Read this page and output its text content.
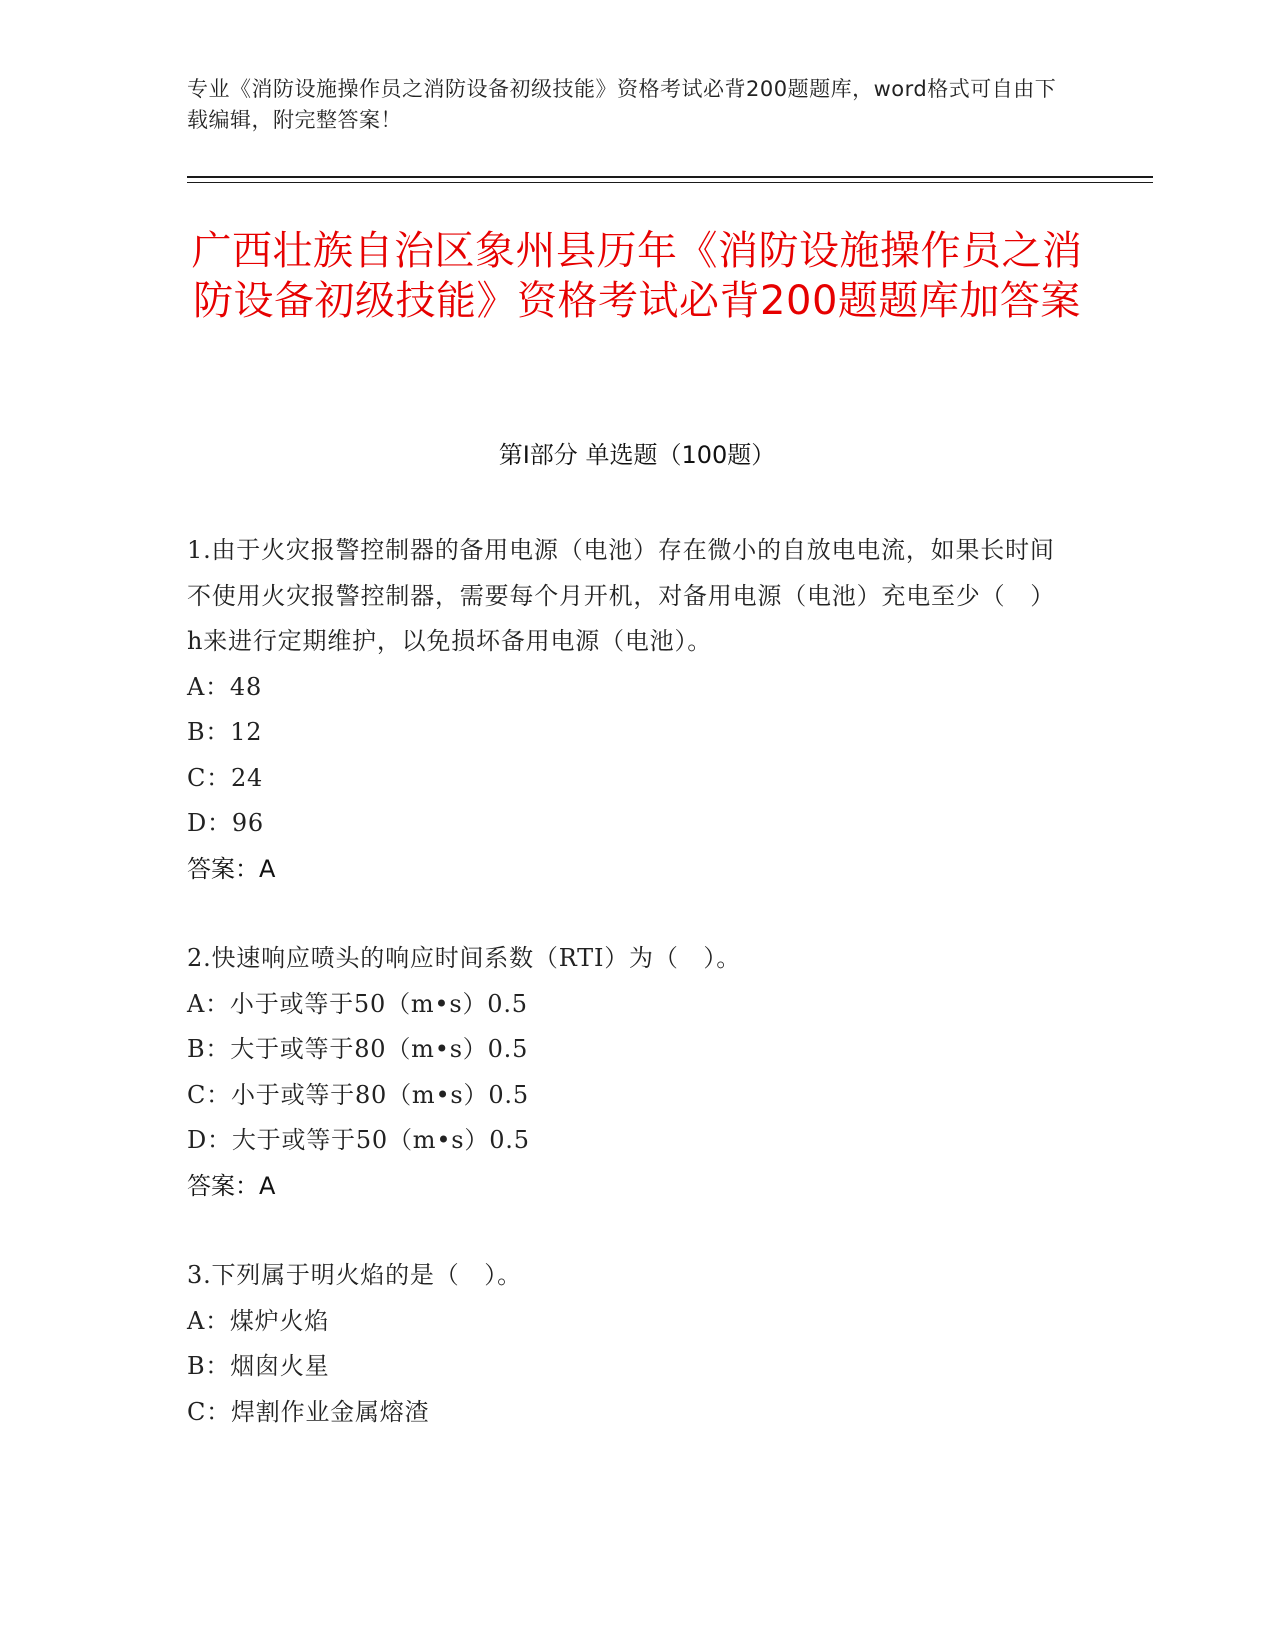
专业《消防设施操作员之消防设备初级技能》资格考试必背200题题库，word格式可自由下载编辑，附完整答案！
广西壮族自治区象州县历年《消防设施操作员之消防设备初级技能》资格考试必背200题题库加答案
第I部分 单选题（100题）
1.由于火灾报警控制器的备用电源（电池）存在微小的自放电电流，如果长时间不使用火灾报警控制器，需要每个月开机，对备用电源（电池）充电至少（　）h来进行定期维护，以免损坏备用电源（电池）。
A：48
B：12
C：24
D：96
答案：A
2.快速响应喷头的响应时间系数（RTI）为（　）。
A：小于或等于50（m•s）0.5
B：大于或等于80（m•s）0.5
C：小于或等于80（m•s）0.5
D：大于或等于50（m•s）0.5
答案：A
3.下列属于明火焰的是（　）。
A：煤炉火焰
B：烟囱火星
C：焊割作业金属熔渣
